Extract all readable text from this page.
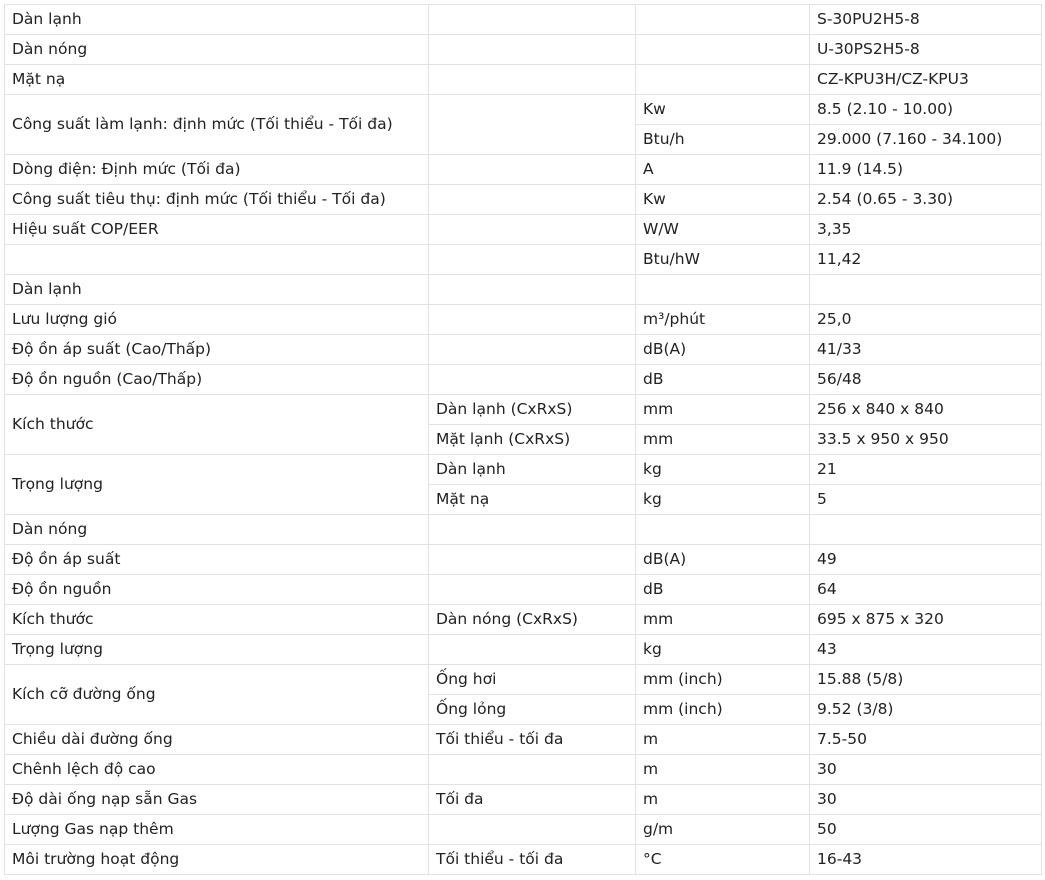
Dàn lạnh			S-30PU2H5-8
Dàn nóng			U-30PS2H5-8
Mặt nạ			CZ-KPU3H/CZ-KPU3
Công suất làm lạnh: định mức (Tối thiểu - Tối đa)		Kw	8.5 (2.10 - 10.00)
		Btu/h	29.000 (7.160 - 34.100)
Dòng điện: Định mức (Tối đa)		A	11.9 (14.5)
Công suất tiêu thụ: định mức (Tối thiểu - Tối đa)		Kw	2.54 (0.65 - 3.30)
Hiệu suất COP/EER		W/W	3,35
		Btu/hW	11,42
Dàn lạnh			
Lưu lượng gió		m³/phút	25,0
Độ ồn áp suất (Cao/Thấp)		dB(A)	41/33
Độ ồn nguồn (Cao/Thấp)		dB	56/48
Kích thước	Dàn lạnh (CxRxS)	mm	256 x 840 x 840
	Mặt lạnh (CxRxS)	mm	33.5 x 950 x 950
Trọng lượng	Dàn lạnh	kg	21
	Mặt nạ	kg	5
Dàn nóng			
Độ ồn áp suất		dB(A)	49
Độ ồn nguồn		dB	64
Kích thước	Dàn nóng (CxRxS)	mm	695 x 875 x 320
Trọng lượng		kg	43
Kích cỡ đường ống	Ống hơi	mm (inch)	15.88 (5/8)
	Ống lỏng	mm (inch)	9.52 (3/8)
Chiều dài đường ống	Tối thiểu - tối đa	m	7.5-50
Chênh lệch độ cao		m	30
Độ dài ống nạp sẵn Gas	Tối đa	m	30
Lượng Gas nạp thêm		g/m	50
Môi trường hoạt động	Tối thiểu - tối đa	°C	16-43
